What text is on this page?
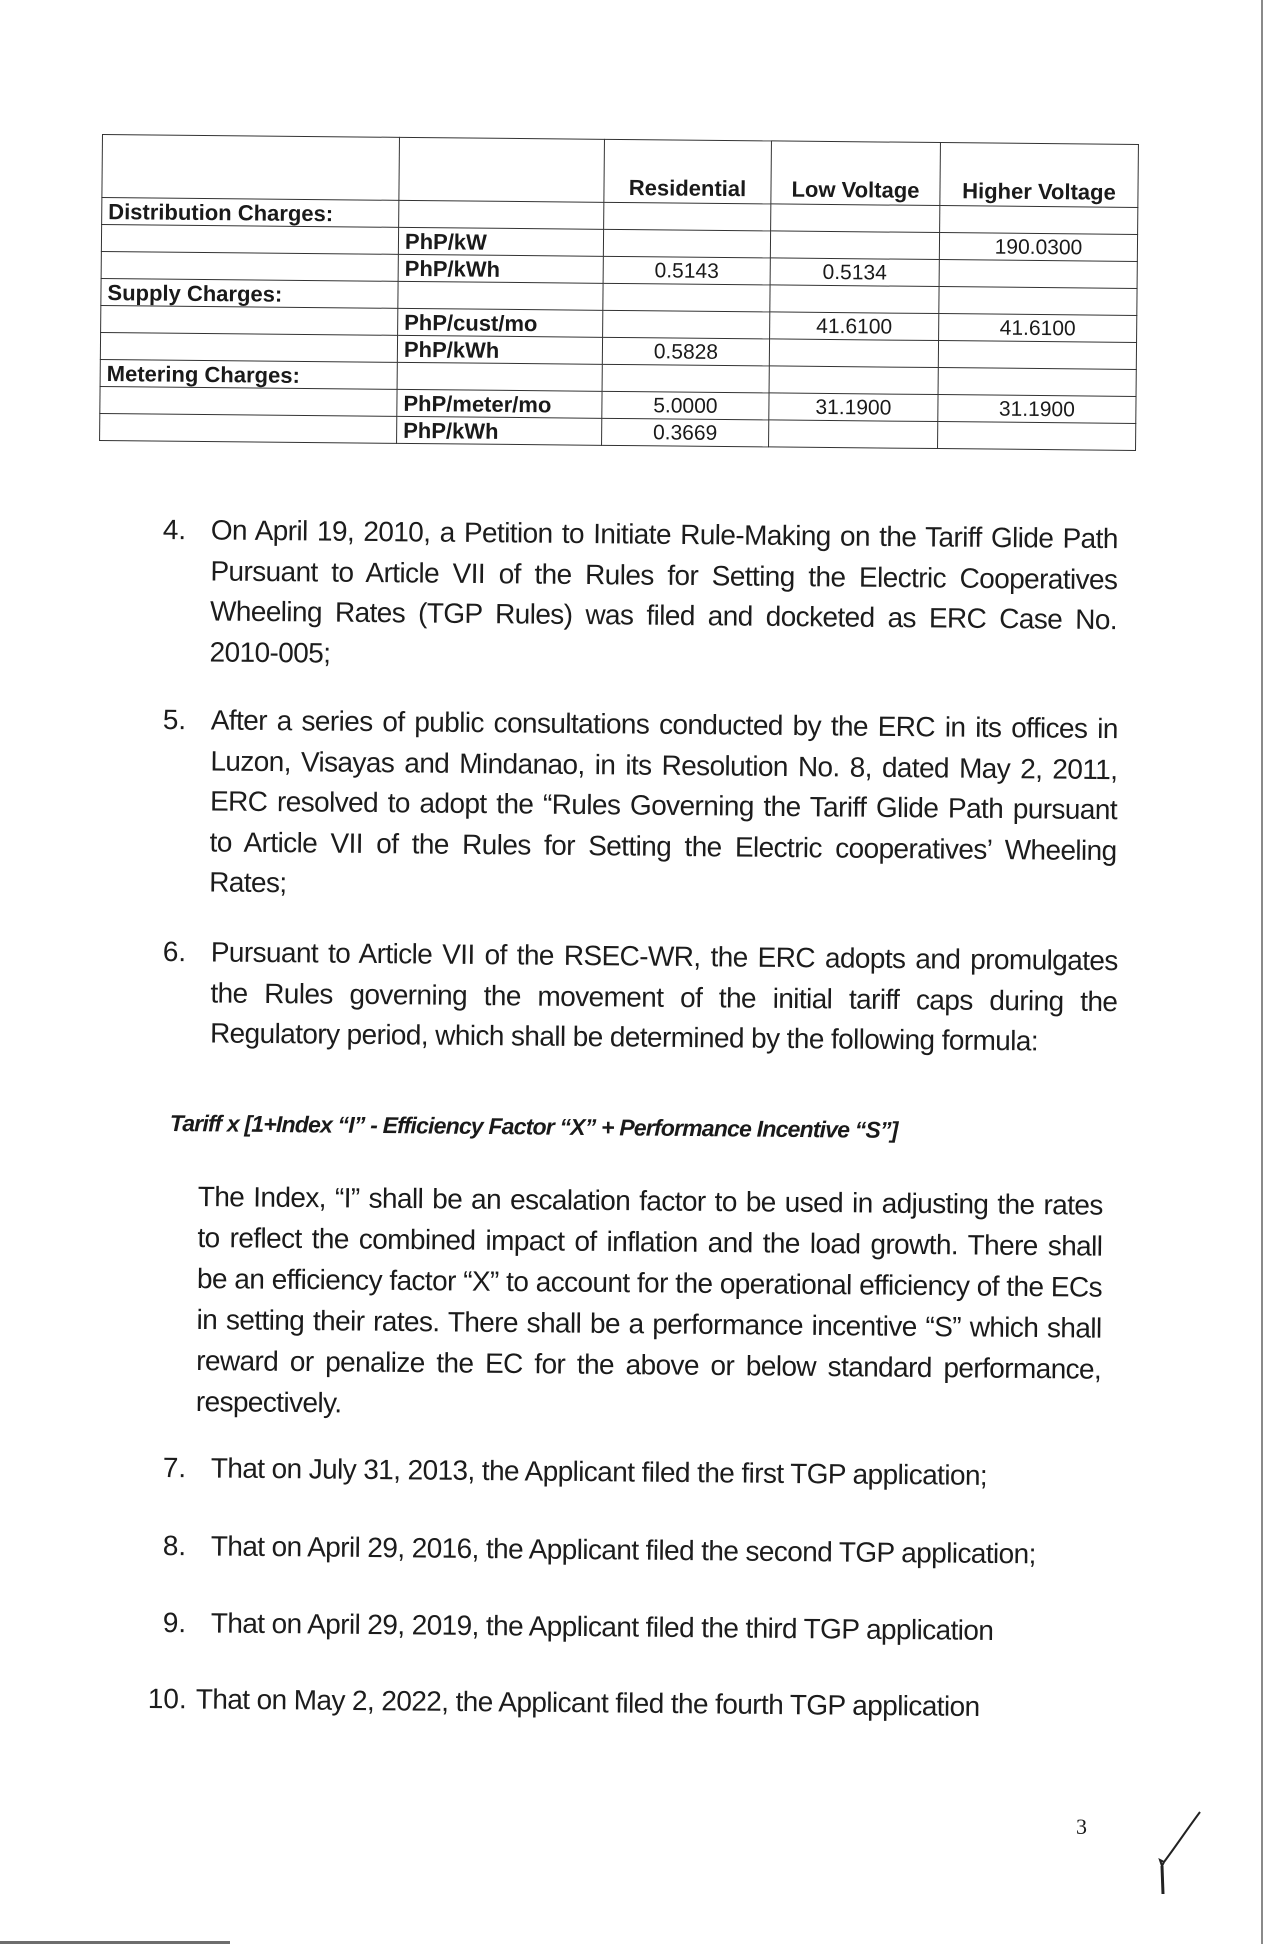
		Residential	Low Voltage	Higher Voltage
Distribution Charges:				
	PhP/kW			190.0300
	PhP/kWh	0.5143	0.5134	
Supply Charges:				
	PhP/cust/mo		41.6100	41.6100
	PhP/kWh	0.5828		
Metering Charges:				
	PhP/meter/mo	5.0000	31.1900	31.1900
	PhP/kWh	0.3669		
4. On April 19, 2010, a Petition to Initiate Rule-Making on the Tariff Glide Path Pursuant to Article VII of the Rules for Setting the Electric Cooperatives Wheeling Rates (TGP Rules) was filed and docketed as ERC Case No. 2010-005;
5. After a series of public consultations conducted by the ERC in its offices in Luzon, Visayas and Mindanao, in its Resolution No. 8, dated May 2, 2011, ERC resolved to adopt the “Rules Governing the Tariff Glide Path pursuant to Article VII of the Rules for Setting the Electric cooperatives’ Wheeling Rates;
6. Pursuant to Article VII of the RSEC-WR, the ERC adopts and promulgates the Rules governing the movement of the initial tariff caps during the Regulatory period, which shall be determined by the following formula:
Tariff x [1+Index “I” - Efficiency Factor “X” + Performance Incentive “S”]
The Index, “I” shall be an escalation factor to be used in adjusting the rates to reflect the combined impact of inflation and the load growth. There shall be an efficiency factor “X” to account for the operational efficiency of the ECs in setting their rates. There shall be a performance incentive “S” which shall reward or penalize the EC for the above or below standard performance, respectively.
7. That on July 31, 2013, the Applicant filed the first TGP application;
8. That on April 29, 2016, the Applicant filed the second TGP application;
9. That on April 29, 2019, the Applicant filed the third TGP application
10. That on May 2, 2022, the Applicant filed the fourth TGP application
3
